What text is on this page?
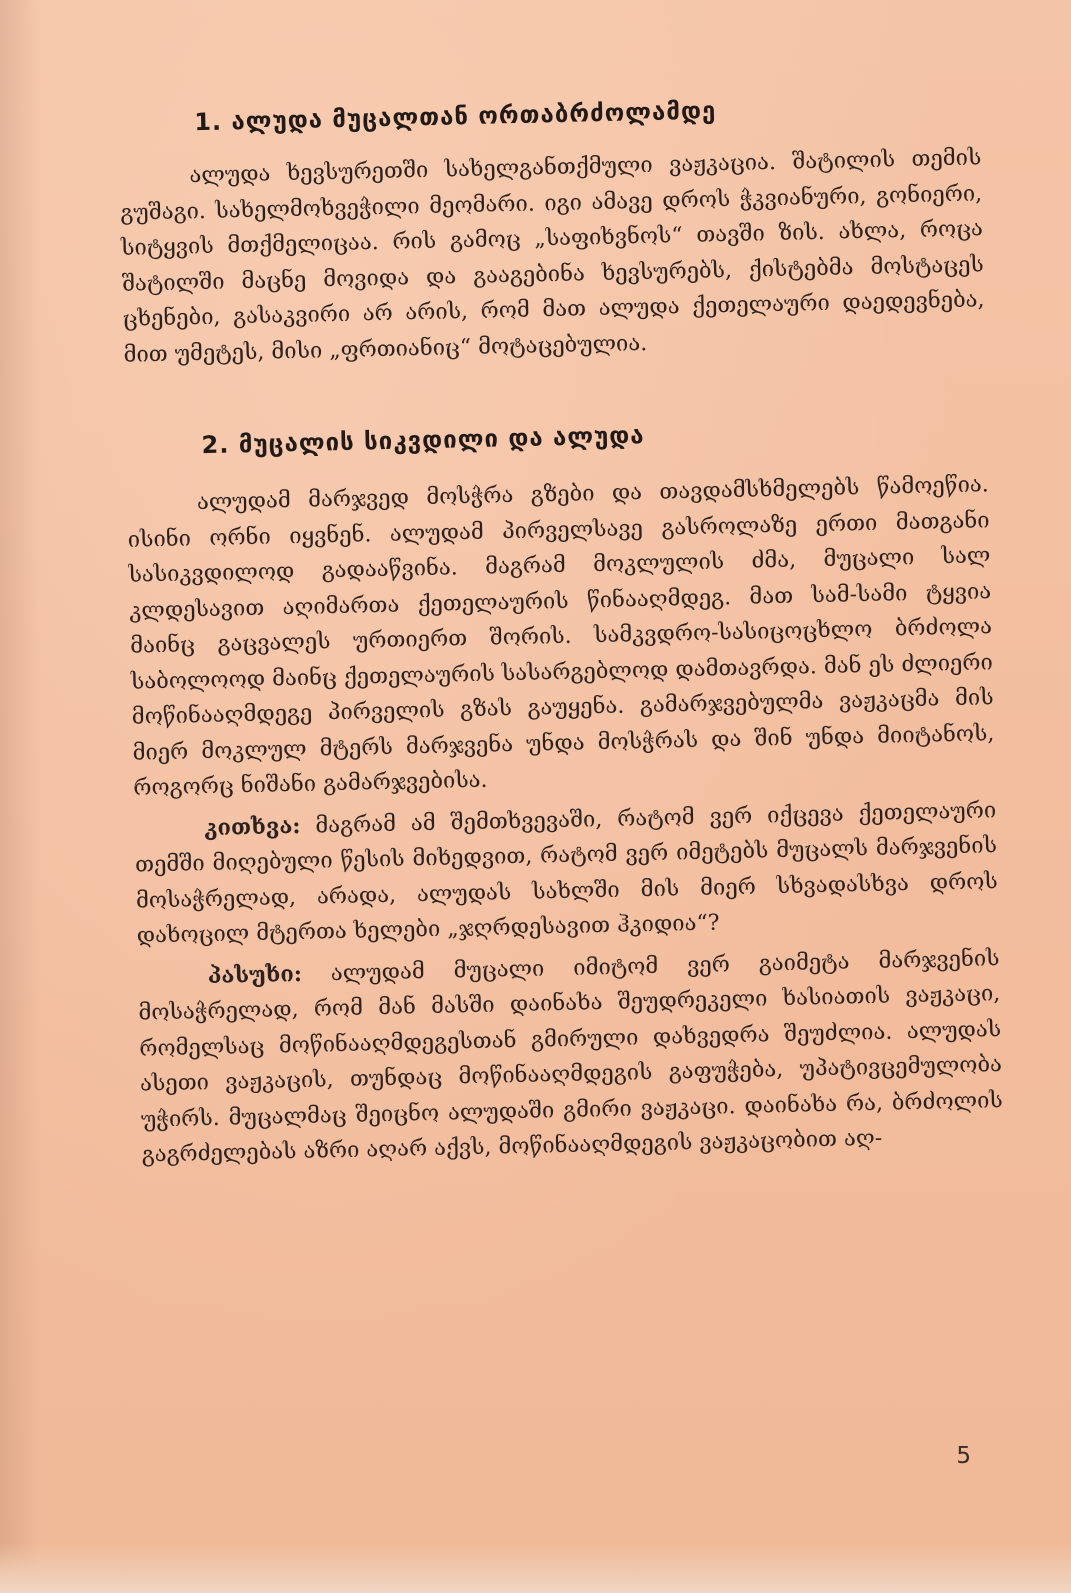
1. ალუდა მუცალთან ორთაბრძოლამდე

ალუდა ხევსურეთში სახელგანთქმული ვაჟკაცია. შატილის თემის გუშაგი. სახელმოხვეჭილი მეომარი. იგი ამავე დროს ჭკვიანური, გონიერი, სიტყვის მთქმელიცაა. რის გამოც „საფიხვნოს“ თავში ზის. ახლა, როცა შატილში მაცნე მოვიდა და გააგებინა ხევსურებს, ქისტებმა მოსტაცეს ცხენები, გასაკვირი არ არის, რომ მათ ალუდა ქეთელაური დაედევნება, მით უმეტეს, მისი „ფრთიანიც“ მოტაცებულია.

2. მუცალის სიკვდილი და ალუდა

ალუდამ მარჯვედ მოსჭრა გზები და თავდამსხმელებს წამოეწია. ისინი ორნი იყვნენ. ალუდამ პირველსავე გასროლაზე ერთი მათგანი სასიკვდილოდ გადააწვინა. მაგრამ მოკლულის ძმა, მუცალი სალ კლდესავით აღიმართა ქეთელაურის წინააღმდეგ. მათ სამ-სამი ტყვია მაინც გაცვალეს ურთიერთ შორის. სამკვდრო-სასიცოცხლო ბრძოლა საბოლოოდ მაინც ქეთელაურის სასარგებლოდ დამთავრდა. მან ეს ძლიერი მოწინააღმდეგე პირველის გზას გაუყენა. გამარჯვებულმა ვაჟკაცმა მის მიერ მოკლულ მტერს მარჯვენა უნდა მოსჭრას და შინ უნდა მიიტანოს, როგორც ნიშანი გამარჯვებისა.

კითხვა: მაგრამ ამ შემთხვევაში, რატომ ვერ იქცევა ქეთელაური თემში მიღებული წესის მიხედვით, რატომ ვერ იმეტებს მუცალს მარჯვენის მოსაჭრელად, არადა, ალუდას სახლში მის მიერ სხვადასხვა დროს დახოცილ მტერთა ხელები „ჯღრდესავით ჰკიდია“?

პასუხი: ალუდამ მუცალი იმიტომ ვერ გაიმეტა მარჯვენის მოსაჭრელად, რომ მან მასში დაინახა შეუდრეკელი ხასიათის ვაჟკაცი, რომელსაც მოწინააღმდეგესთან გმირული დახვედრა შეუძლია. ალუდას ასეთი ვაჟკაცის, თუნდაც მოწინააღმდეგის გაფუჭება, უპატივცემულობა უჭირს. მუცალმაც შეიცნო ალუდაში გმირი ვაჟკაცი. დაინახა რა, ბრძოლის გაგრძელებას აზრი აღარ აქვს, მოწინააღმდეგის ვაჟკაცობით აღ-

5
